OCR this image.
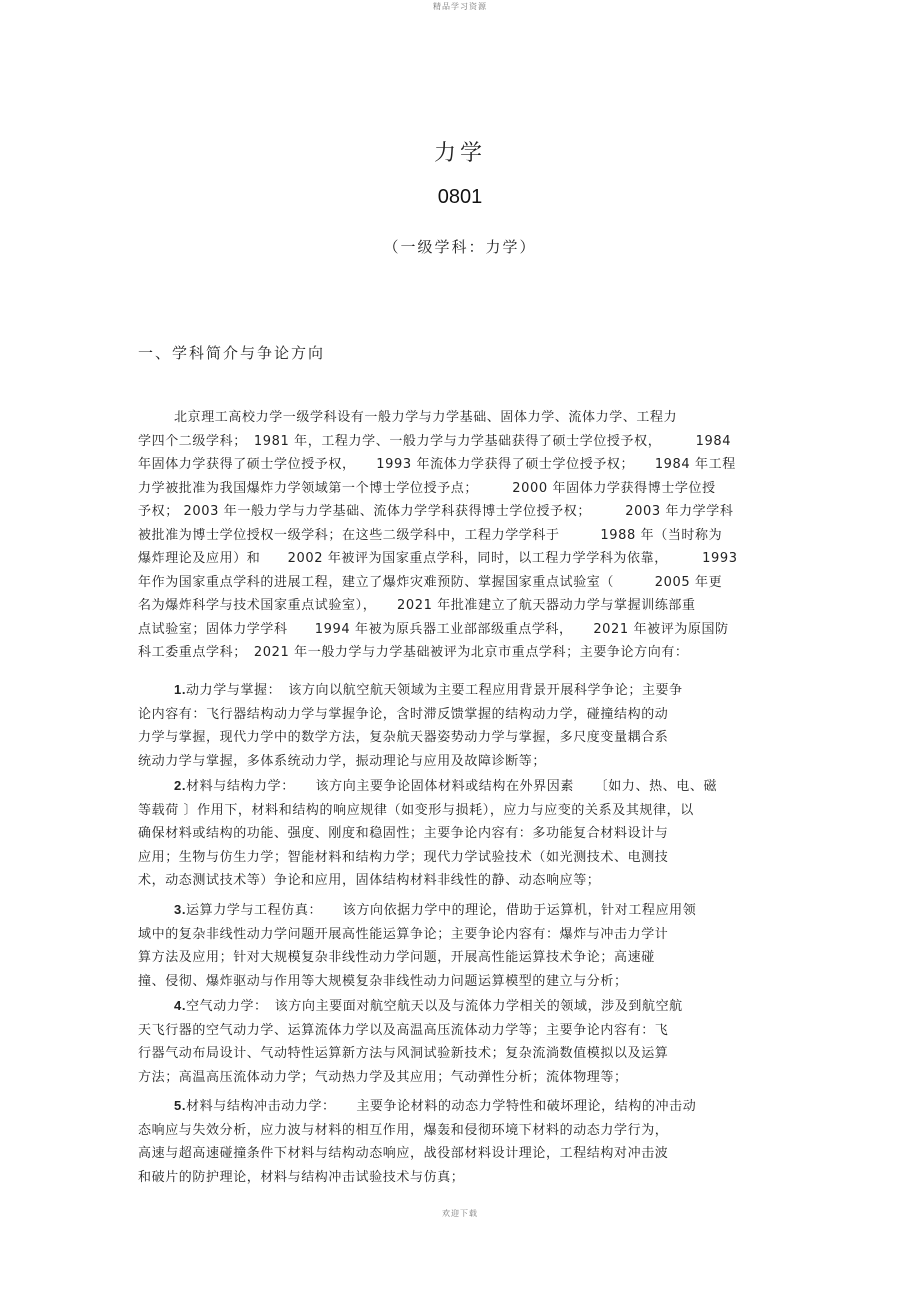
精品学习资源
力学
0801
（一级学科：力学）
一、学科简介与争论方向

北京理工高校力学一级学科设有一般力学与力学基础、固体力学、流体力学、工程力
学四个二级学科；　1981 年，工程力学、一般力学与力学基础获得了硕士学位授予权，　　　1984
年固体力学获得了硕士学位授予权，　　1993 年流体力学获得了硕士学位授予权；　　1984 年工程
力学被批准为我国爆炸力学领域第一个博士学位授予点；　　　2000 年固体力学获得博士学位授
予权； 2003 年一般力学与力学基础、流体力学学科获得博士学位授予权；　　　2003 年力学学科
被批准为博士学位授权一级学科；在这些二级学科中，工程力学学科于　　　1988 年（当时称为
爆炸理论及应用）和　　2002 年被评为国家重点学科，同时，以工程力学学科为依靠，　　　1993
年作为国家重点学科的进展工程，建立了爆炸灾难预防、掌握国家重点试验室（　　　2005 年更
名为爆炸科学与技术国家重点试验室），　　2021 年批准建立了航天器动力学与掌握训练部重
点试验室；固体力学学科　　1994 年被为原兵器工业部部级重点学科，　　2021 年被评为原国防
科工委重点学科；　2021 年一般力学与力学基础被评为北京市重点学科；主要争论方向有：

1.动力学与掌握：　 该方向以航空航天领域为主要工程应用背景开展科学争论；主要争
论内容有：飞行器结构动力学与掌握争论，含时滞反馈掌握的结构动力学，碰撞结构的动
力学与掌握，现代力学中的数学方法，复杂航天器姿势动力学与掌握，多尺度变量耦合系
统动力学与掌握，多体系统动力学，振动理论与应用及故障诊断等；

2.材料与结构力学：　　 该方向主要争论固体材料或结构在外界因素　　〔如力、热、电、磁
等载荷 〕作用下，材料和结构的响应规律（如变形与损耗），应力与应变的关系及其规律，以
确保材料或结构的功能、强度、刚度和稳固性；主要争论内容有：多功能复合材料设计与
应用；生物与仿生力学；智能材料和结构力学；现代力学试验技术（如光测技术、电测技
术，动态测试技术等）争论和应用，固体结构材料非线性的静、动态响应等；

3.运算力学与工程仿真：　　 该方向依据力学中的理论，借助于运算机，针对工程应用领
域中的复杂非线性动力学问题开展高性能运算争论；主要争论内容有：爆炸与冲击力学计
算方法及应用；针对大规模复杂非线性动力学问题，开展高性能运算技术争论；高速碰
撞、侵彻、爆炸驱动与作用等大规模复杂非线性动力问题运算模型的建立与分析；

4.空气动力学：　 该方向主要面对航空航天以及与流体力学相关的领域，涉及到航空航
天飞行器的空气动力学、运算流体力学以及高温高压流体动力学等；主要争论内容有：飞
行器气动布局设计、气动特性运算新方法与风洞试验新技术；复杂流淌数值模拟以及运算
方法；高温高压流体动力学；气动热力学及其应用；气动弹性分析；流体物理等；

5.材料与结构冲击动力学：　　 主要争论材料的动态力学特性和破坏理论，结构的冲击动
态响应与失效分析，应力波与材料的相互作用，爆轰和侵彻环境下材料的动态力学行为，
高速与超高速碰撞条件下材料与结构动态响应，战役部材料设计理论，工程结构对冲击波
和破片的防护理论，材料与结构冲击试验技术与仿真；

欢迎下载
